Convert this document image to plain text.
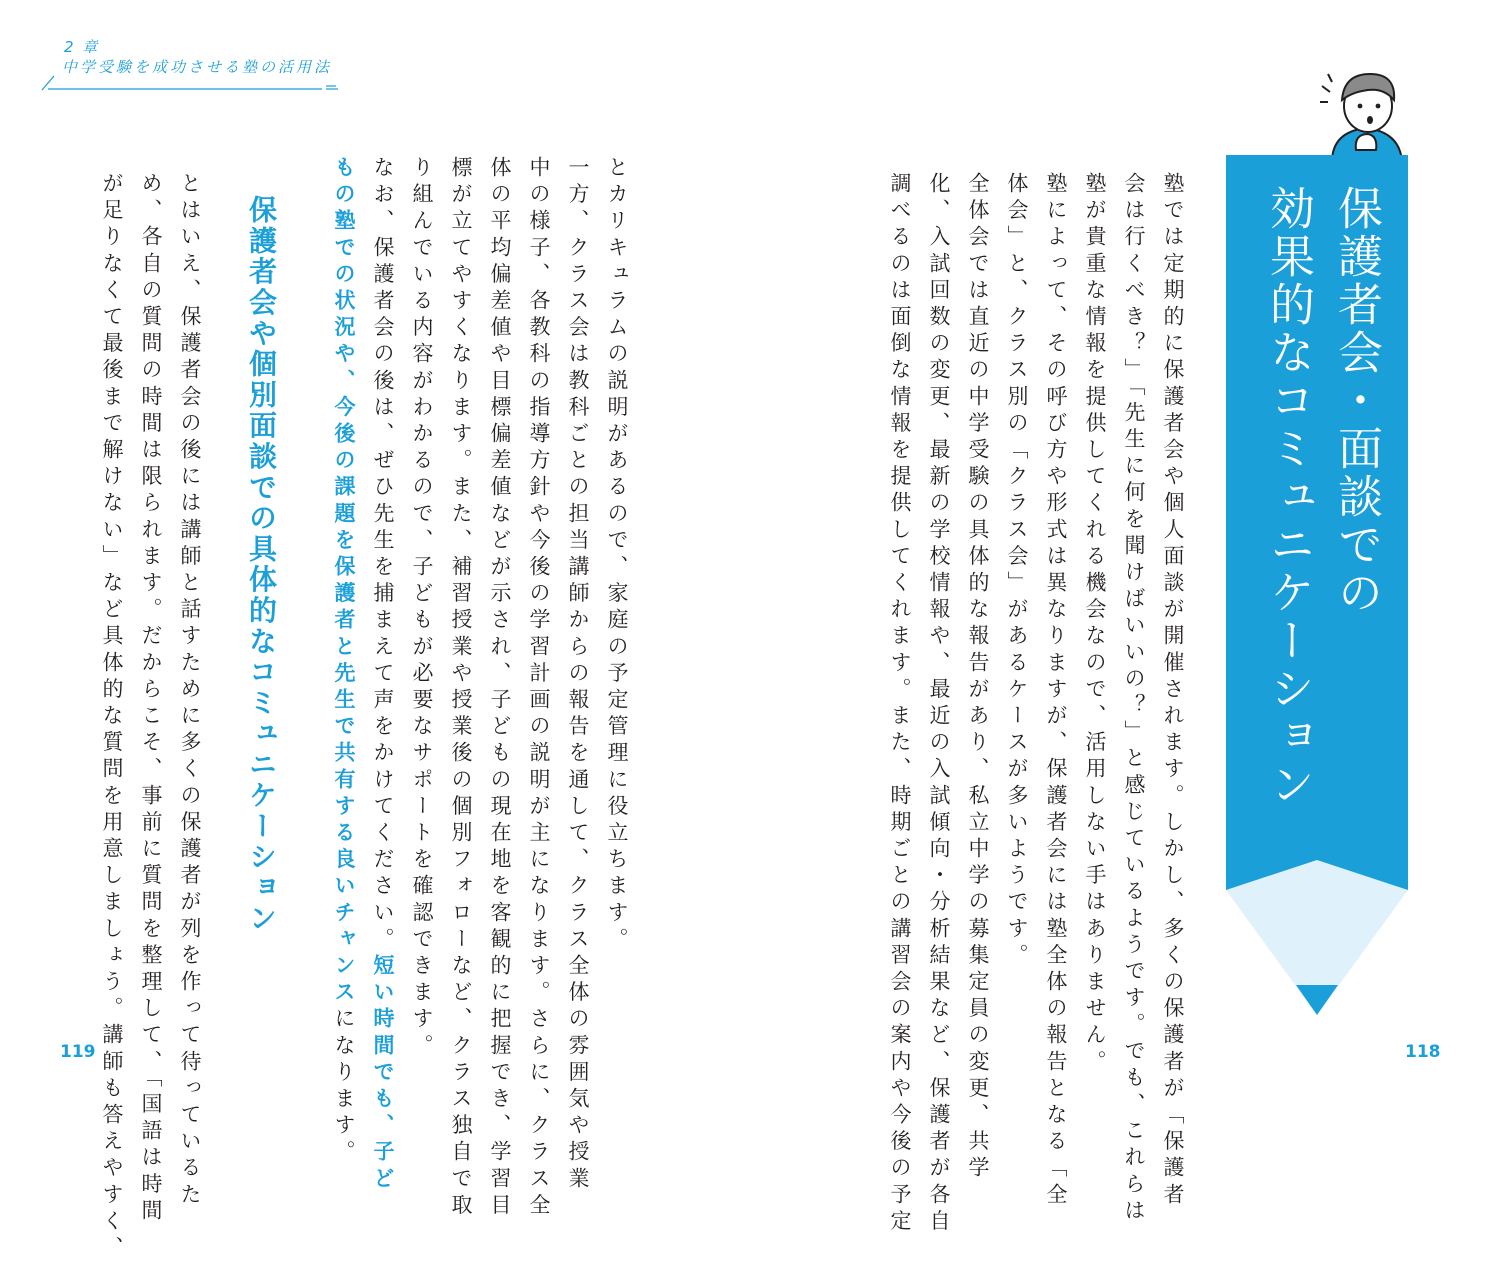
2 章
中学受験を成功させる塾の活用法
保護者会・面談での
効果的なコミュニケーション
塾では定期的に保護者会や個人面談が開催されます。しかし、多くの保護者が「保護者
会は行くべき？」「先生に何を聞けばいいの？」と感じているようです。でも、これらは
塾が貴重な情報を提供してくれる機会なので、活用しない手はありません。
塾によって、その呼び方や形式は異なりますが、保護者会には塾全体の報告となる「全
体会」と、クラス別の「クラス会」があるケースが多いようです。
全体会では直近の中学受験の具体的な報告があり、私立中学の募集定員の変更、共学
化、入試回数の変更、最新の学校情報や、最近の入試傾向・分析結果など、保護者が各自
調べるのは面倒な情報を提供してくれます。また、時期ごとの講習会の案内や今後の予定	118
とカリキュラムの説明があるので、家庭の予定管理に役立ちます。
一方、クラス会は教科ごとの担当講師からの報告を通して、クラス全体の雰囲気や授業
中の様子、各教科の指導方針や今後の学習計画の説明が主になります。さらに、クラス全
体の平均偏差値や目標偏差値などが示され、子どもの現在地を客観的に把握でき、学習目
標が立てやすくなります。また、補習授業や授業後の個別フォローなど、クラス独自で取
り組んでいる内容がわかるので、子どもが必要なサポートを確認できます。
なお、保護者会の後は、ぜひ先生を捕まえて声をかけてください。短い時間でも、子ど
もの塾での状況や、今後の課題を保護者と先生で共有する良いチャンスになります。
保護者会や個別面談での具体的なコミュニケーション
とはいえ、保護者会の後には講師と話すために多くの保護者が列を作って待っているた
め、各自の質問の時間は限られます。だからこそ、事前に質問を整理して、「国語は時間
が足りなくて最後まで解けない」など具体的な質問を用意しましょう。講師も答えやすく、
119
